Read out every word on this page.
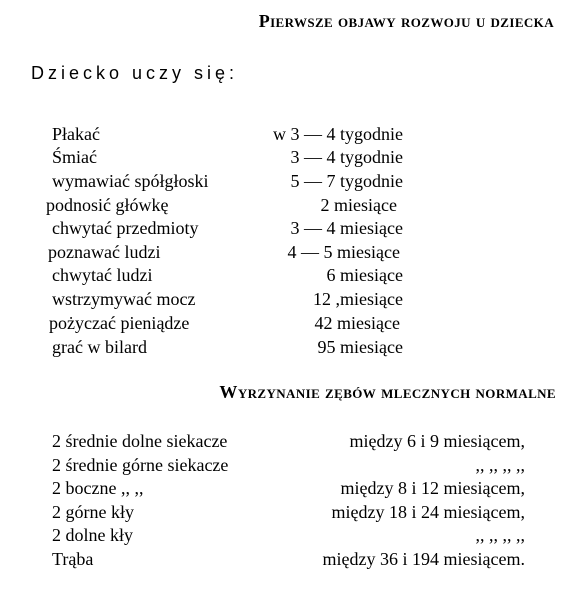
Pierwsze objawy rozwoju u dziecka
Dziecko uczy się:
Płakać
Śmiać
wymawiać spółgłoski
podnosić główkę
chwytać przedmioty
poznawać ludzi
chwytać ludzi
wstrzymywać mocz
pożyczać pieniądze
grać w bilard
w 3 — 4 tygodnie
3 — 4 tygodnie
5 — 7 tygodnie
2 miesiące
3 — 4 miesiące
4 — 5 miesiące
6 miesiące
12 ,miesiące
42 miesiące
95 miesiące
Wyrzynanie zębów mlecznych normalne
2 średnie dolne siekacze
2 średnie górne siekacze
2 boczne ,, ,,
2 górne kły
2 dolne kły
Trąba
między 6 i 9 miesiącem,
,, ,, ,, ,,
między 8 i 12 miesiącem,
między 18 i 24 miesiącem,
,, ,, ,, ,,
między 36 i 194 miesiącem.
